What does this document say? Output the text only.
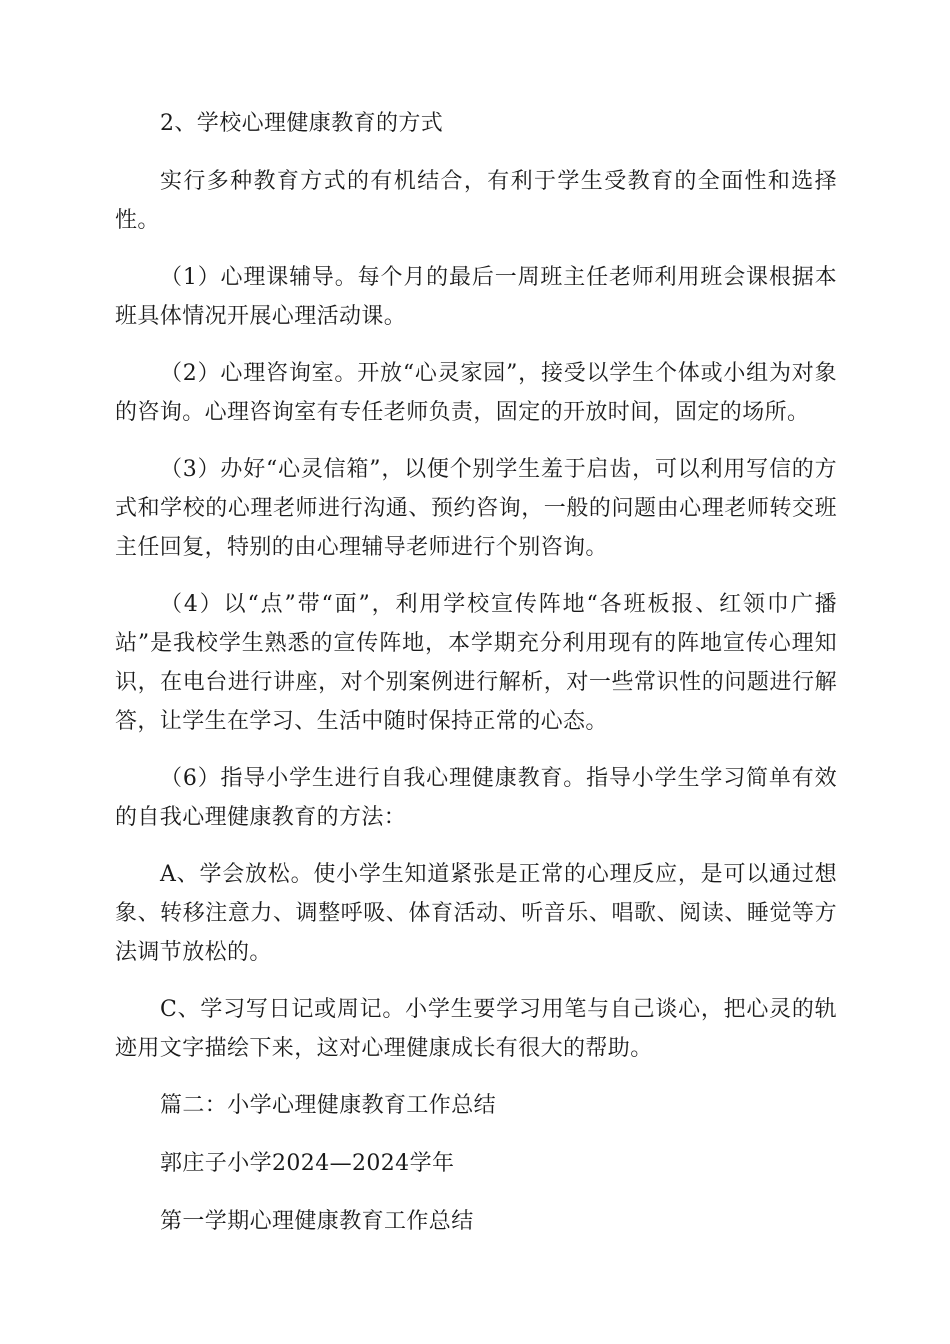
2、学校心理健康教育的方式

实行多种教育方式的有机结合，有利于学生受教育的全面性和选择性。

（1）心理课辅导。每个月的最后一周班主任老师利用班会课根据本班具体情况开展心理活动课。

（2）心理咨询室。开放“心灵家园”，接受以学生个体或小组为对象的咨询。心理咨询室有专任老师负责，固定的开放时间，固定的场所。

（3）办好“心灵信箱”，以便个别学生羞于启齿，可以利用写信的方式和学校的心理老师进行沟通、预约咨询，一般的问题由心理老师转交班主任回复，特别的由心理辅导老师进行个别咨询。

（4）以“点”带“面”，利用学校宣传阵地“各班板报、红领巾广播站”是我校学生熟悉的宣传阵地，本学期充分利用现有的阵地宣传心理知识，在电台进行讲座，对个别案例进行解析，对一些常识性的问题进行解答，让学生在学习、生活中随时保持正常的心态。

（6）指导小学生进行自我心理健康教育。指导小学生学习简单有效的自我心理健康教育的方法：

A、学会放松。使小学生知道紧张是正常的心理反应，是可以通过想象、转移注意力、调整呼吸、体育活动、听音乐、唱歌、阅读、睡觉等方法调节放松的。

C、学习写日记或周记。小学生要学习用笔与自己谈心，把心灵的轨迹用文字描绘下来，这对心理健康成长有很大的帮助。

篇二：小学心理健康教育工作总结

郭庄子小学2024—2024学年

第一学期心理健康教育工作总结
